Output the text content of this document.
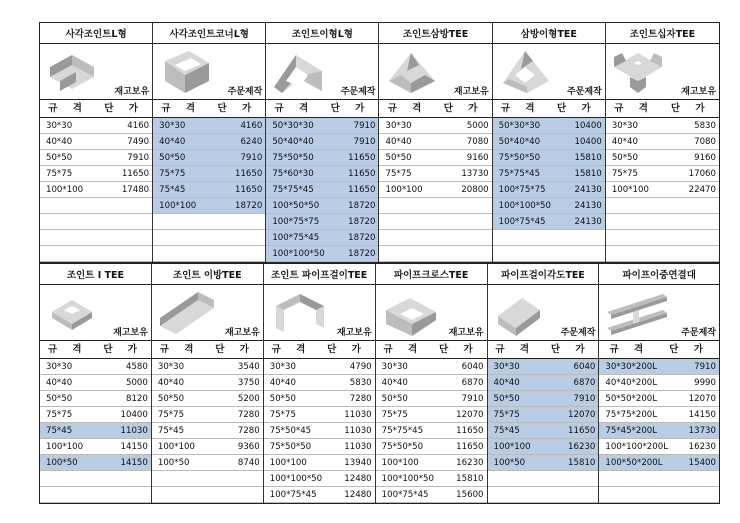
사각조인트L형
재고보유
규 격	단 가
30*30	4160
40*40	7490
50*50	7910
75*75	11650
100*100	17480
사각조인트코너L형
주문제작
규 격	단 가
30*30	4160
40*40	6240
50*50	7910
75*75	11650
75*45	11650
100*100	18720
조인트이형L형
주문제작
규 격	단 가
50*30*30	7910
50*40*40	7910
75*50*50	11650
75*60*30	11650
75*75*45	11650
100*50*50	18720
100*75*75	18720
100*75*45	18720
100*100*50	18720
조인트삼방TEE
재고보유
규 격	단 가
30*30	5000
40*40	7080
50*50	9160
75*75	13730
100*100	20800
삼방이형TEE
주문제작
규 격	단 가
50*30*30	10400
50*40*40	10400
75*50*50	15810
75*75*45	15810
100*75*75	24130
100*100*50	24130
100*75*45	24130
조인트십자TEE
재고보유
규 격	단 가
30*30	5830
40*40	7080
50*50	9160
75*75	17060
100*100	22470
조인트 I TEE
재고보유
규 격	단 가
30*30	4580
40*40	5000
50*50	8120
75*75	10400
75*45	11030
100*100	14150
100*50	14150
조인트 이방TEE
재고보유
규 격	단 가
30*30	3540
40*40	3750
50*50	5200
75*75	7280
75*45	7280
100*100	9360
100*50	8740
조인트 파이프걸이TEE
재고보유
규 격	단 가
30*30	4790
40*40	5830
50*50	7280
75*75	11030
75*50*45	11030
75*50*50	11030
100*100	13940
100*100*50	12480
100*75*45	12480
파이프크로스TEE
재고보유
규 격	단 가
30*30	6040
40*40	6870
50*50	7910
75*75	12070
75*75*45	11650
75*50*50	11650
100*100	16230
100*100*50	15810
100*75*45	15600
파이프걸이각도TEE
주문제작
규 격	단 가
30*30	6040
40*40	6870
50*50	7910
75*75	12070
75*45	11650
100*100	16230
100*50	15810
파이프이중연결대
주문제작
규 격	단 가
30*30*200L	7910
40*40*200L	9990
50*50*200L	12070
75*75*200L	14150
75*45*200L	13730
100*100*200L	16230
100*50*200L	15400
